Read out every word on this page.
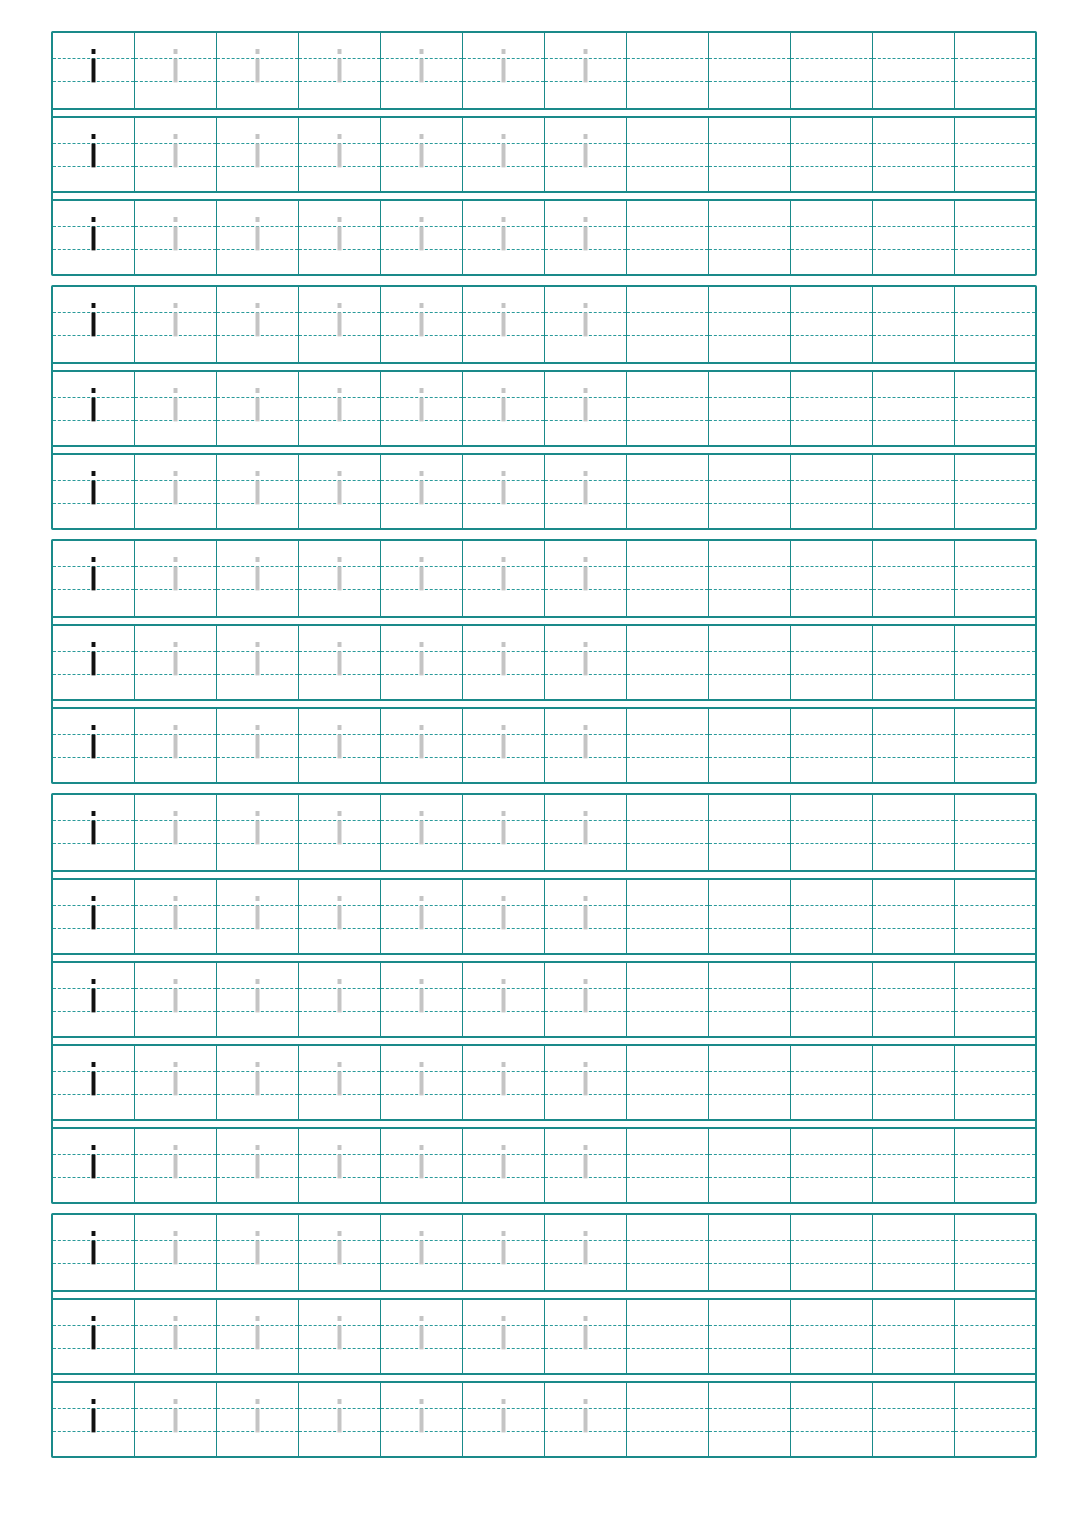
i	i	i	i	i	i	i
i	i	i	i	i	i	i
i	i	i	i	i	i	i
i	i	i	i	i	i	i
i	i	i	i	i	i	i
i	i	i	i	i	i	i
i	i	i	i	i	i	i
i	i	i	i	i	i	i
i	i	i	i	i	i	i
i	i	i	i	i	i	i
i	i	i	i	i	i	i
i	i	i	i	i	i	i
i	i	i	i	i	i	i
i	i	i	i	i	i	i
i	i	i	i	i	i	i
i	i	i	i	i	i	i
i	i	i	i	i	i	i
